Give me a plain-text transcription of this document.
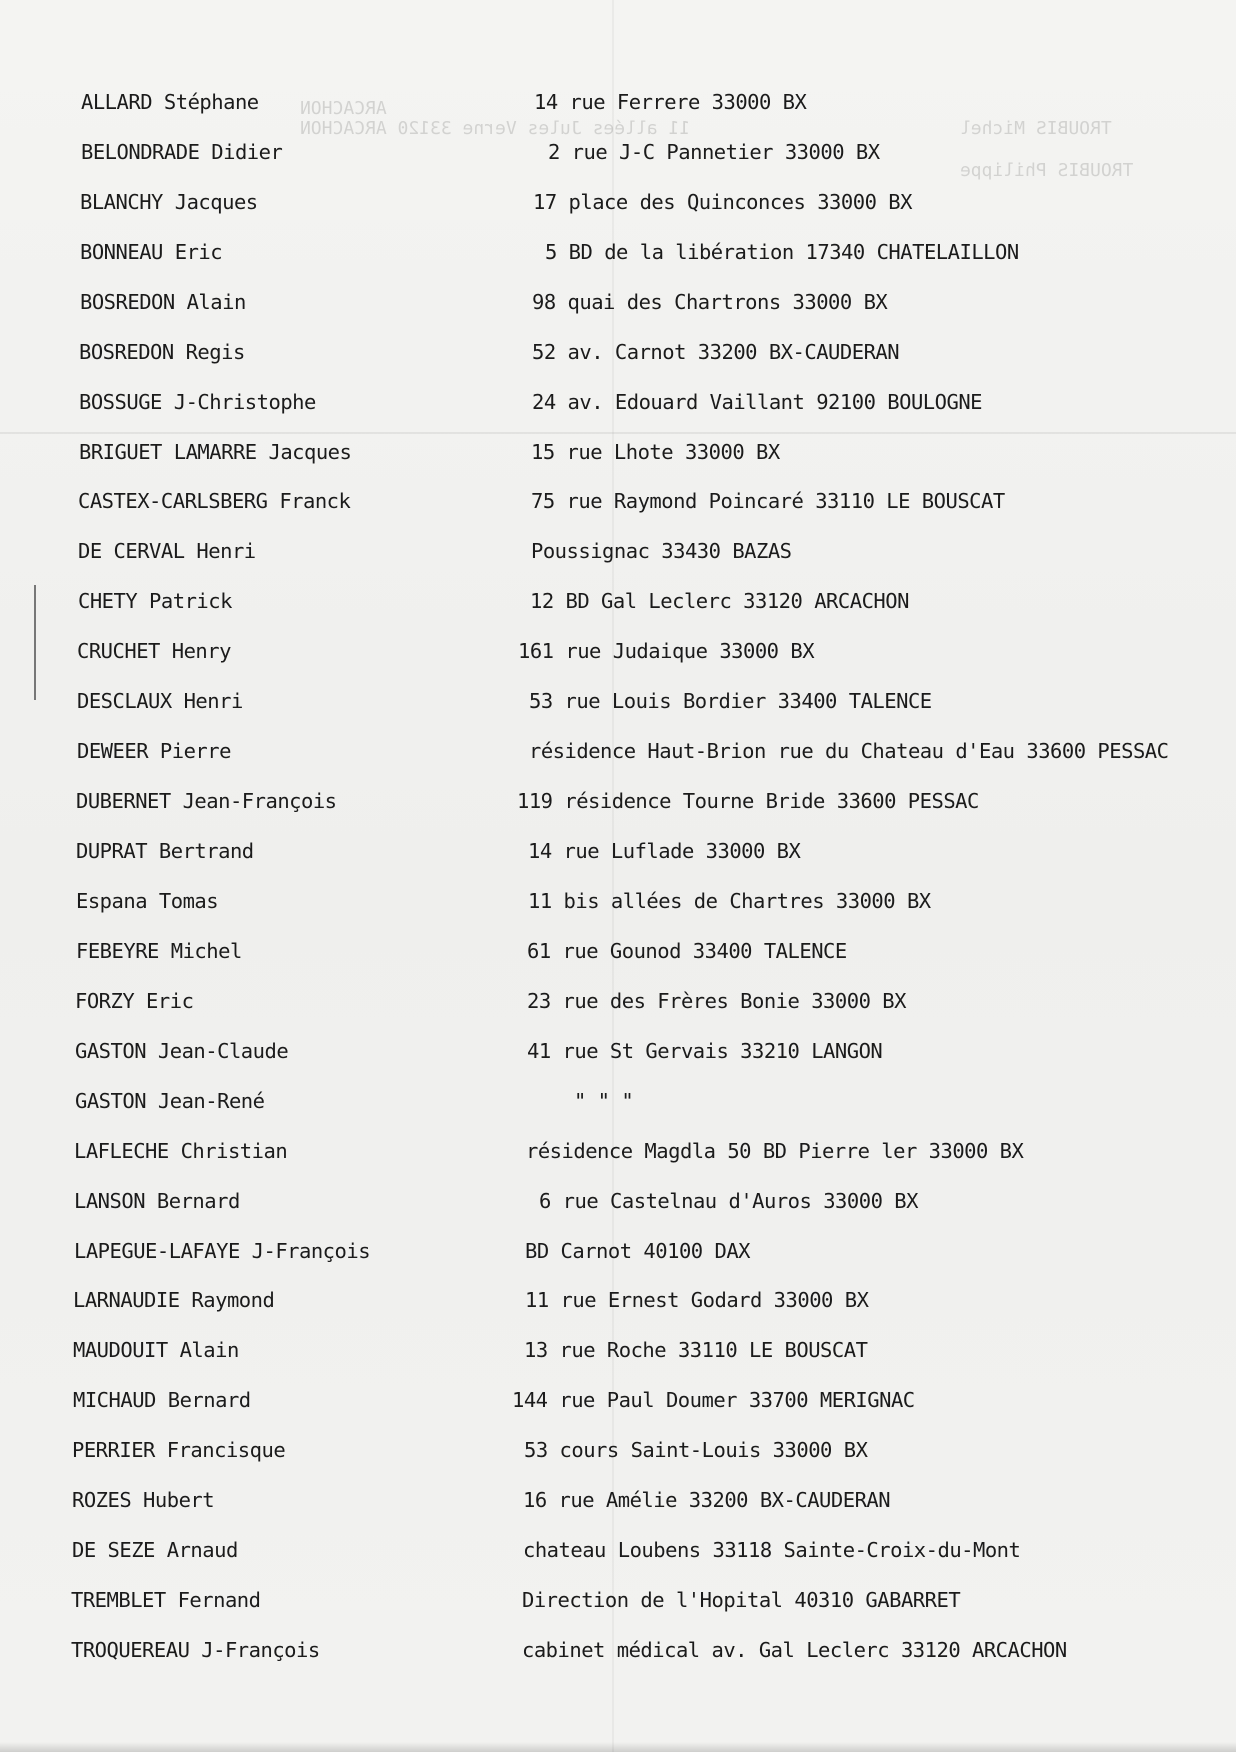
ARCACHON
11 allées Jules Verne 33120 ARCACHON	TROUBIS Michel
TROUBIS Philippe
ALLARD Stéphane	14 rue Ferrere 33000 BX
BELONDRADE Didier	2 rue J-C Pannetier 33000 BX
BLANCHY Jacques	17 place des Quinconces 33000 BX
BONNEAU Eric	5 BD de la libération 17340 CHATELAILLON
BOSREDON Alain	98 quai des Chartrons 33000 BX
BOSREDON Regis	52 av. Carnot 33200 BX-CAUDERAN
BOSSUGE J-Christophe	24 av. Edouard Vaillant 92100 BOULOGNE
BRIGUET LAMARRE Jacques	15 rue Lhote 33000 BX
CASTEX-CARLSBERG Franck	75 rue Raymond Poincaré 33110 LE BOUSCAT
DE CERVAL Henri	Poussignac 33430 BAZAS
CHETY Patrick	12 BD Gal Leclerc 33120 ARCACHON
CRUCHET Henry	161 rue Judaique 33000 BX
DESCLAUX Henri	53 rue Louis Bordier 33400 TALENCE
DEWEER Pierre	résidence Haut-Brion rue du Chateau d'Eau 33600 PESSAC
DUBERNET Jean-François	119 résidence Tourne Bride 33600 PESSAC
DUPRAT Bertrand	14 rue Luflade 33000 BX
Espana Tomas	11 bis allées de Chartres 33000 BX
FEBEYRE Michel	61 rue Gounod 33400 TALENCE
FORZY Eric	23 rue des Frères Bonie 33000 BX
GASTON Jean-Claude	41 rue St Gervais 33210 LANGON
GASTON Jean-René	" " "
LAFLECHE Christian	résidence Magdla 50 BD Pierre ler 33000 BX
LANSON Bernard	6 rue Castelnau d'Auros 33000 BX
LAPEGUE-LAFAYE J-François	BD Carnot 40100 DAX
LARNAUDIE Raymond	11 rue Ernest Godard 33000 BX
MAUDOUIT Alain	13 rue Roche 33110 LE BOUSCAT
MICHAUD Bernard	144 rue Paul Doumer 33700 MERIGNAC
PERRIER Francisque	53 cours Saint-Louis 33000 BX
ROZES Hubert	16 rue Amélie 33200 BX-CAUDERAN
DE SEZE Arnaud	chateau Loubens 33118 Sainte-Croix-du-Mont
TREMBLET Fernand	Direction de l'Hopital 40310 GABARRET
TROQUEREAU J-François	cabinet médical av. Gal Leclerc 33120 ARCACHON
